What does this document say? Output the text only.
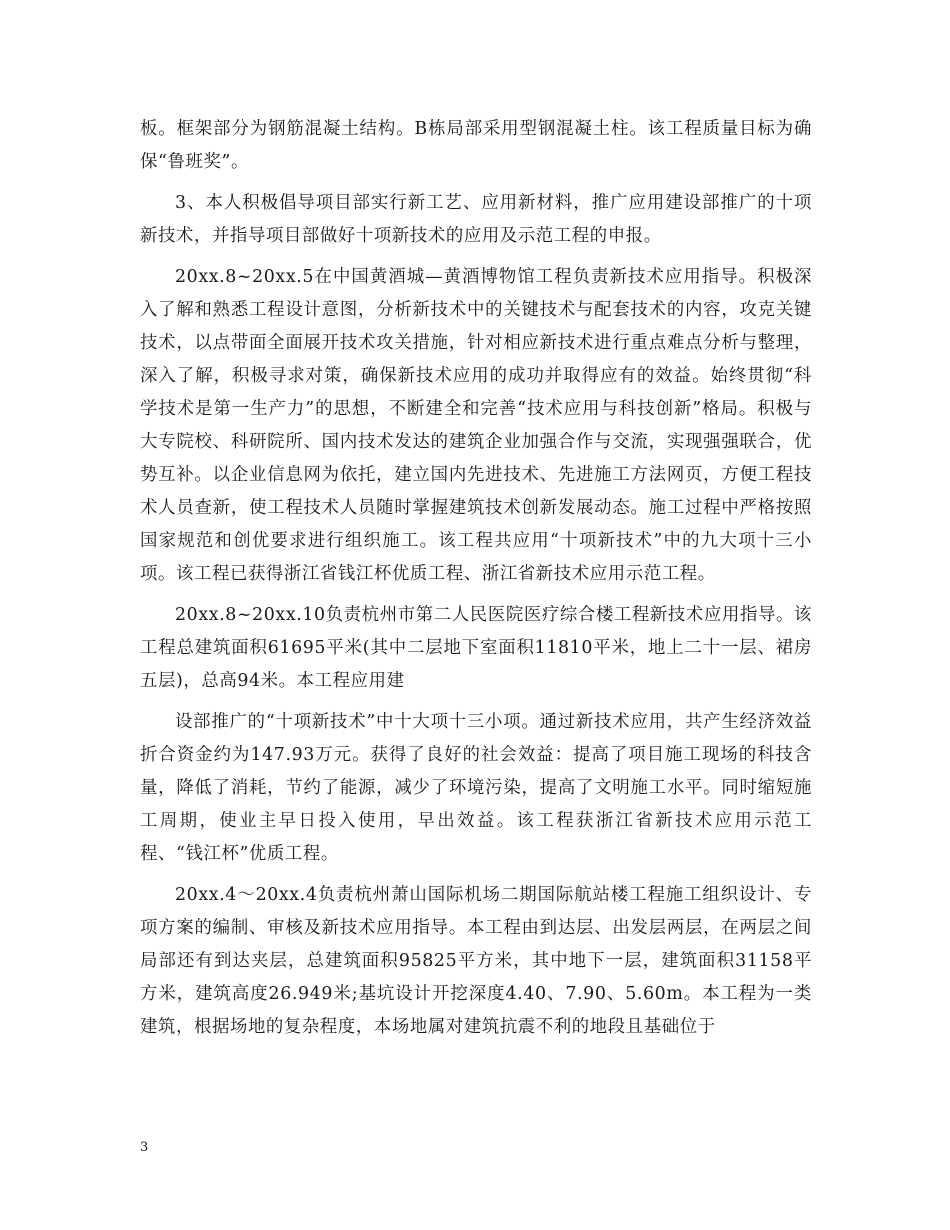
板。框架部分为钢筋混凝土结构。B栋局部采用型钢混凝土柱。该工程质量目标为确保“鲁班奖”。

3、本人积极倡导项目部实行新工艺、应用新材料，推广应用建设部推广的十项新技术，并指导项目部做好十项新技术的应用及示范工程的申报。

20xx.8~20xx.5在中国黄酒城—黄酒博物馆工程负责新技术应用指导。积极深入了解和熟悉工程设计意图，分析新技术中的关键技术与配套技术的内容，攻克关键技术，以点带面全面展开技术攻关措施，针对相应新技术进行重点难点分析与整理，深入了解，积极寻求对策，确保新技术应用的成功并取得应有的效益。始终贯彻“科学技术是第一生产力”的思想，不断建全和完善“技术应用与科技创新”格局。积极与大专院校、科研院所、国内技术发达的建筑企业加强合作与交流，实现强强联合，优势互补。以企业信息网为依托，建立国内先进技术、先进施工方法网页，方便工程技术人员查新，使工程技术人员随时掌握建筑技术创新发展动态。施工过程中严格按照国家规范和创优要求进行组织施工。该工程共应用“十项新技术”中的九大项十三小项。该工程已获得浙江省钱江杯优质工程、浙江省新技术应用示范工程。

20xx.8~20xx.10负责杭州市第二人民医院医疗综合楼工程新技术应用指导。该工程总建筑面积61695平米(其中二层地下室面积11810平米，地上二十一层、裙房五层)，总高94米。本工程应用建

设部推广的“十项新技术”中十大项十三小项。通过新技术应用，共产生经济效益折合资金约为147.93万元。获得了良好的社会效益：提高了项目施工现场的科技含量，降低了消耗，节约了能源，减少了环境污染，提高了文明施工水平。同时缩短施工周期，使业主早日投入使用，早出效益。该工程获浙江省新技术应用示范工程、“钱江杯”优质工程。

20xx.4～20xx.4负责杭州萧山国际机场二期国际航站楼工程施工组织设计、专项方案的编制、审核及新技术应用指导。本工程由到达层、出发层两层，在两层之间局部还有到达夹层，总建筑面积95825平方米，其中地下一层，建筑面积31158平方米，建筑高度26.949米;基坑设计开挖深度4.40、7.90、5.60m。本工程为一类建筑，根据场地的复杂程度，本场地属对建筑抗震不利的地段且基础位于

3
